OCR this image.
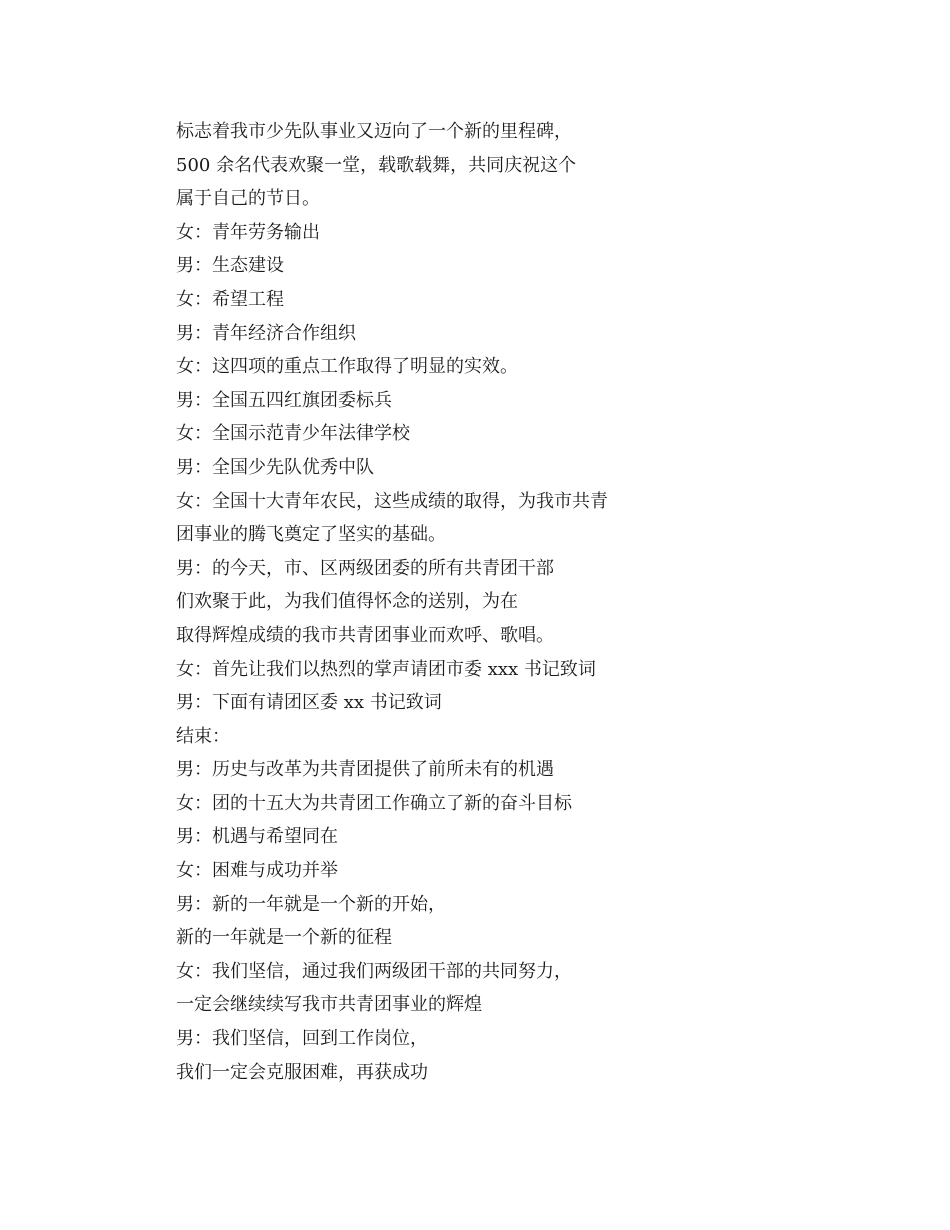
标志着我市少先队事业又迈向了一个新的里程碑，
500 余名代表欢聚一堂，载歌载舞，共同庆祝这个
属于自己的节日。
女：青年劳务输出
男：生态建设
女：希望工程
男：青年经济合作组织
女：这四项的重点工作取得了明显的实效。
男：全国五四红旗团委标兵
女：全国示范青少年法律学校
男：全国少先队优秀中队
女：全国十大青年农民，这些成绩的取得，为我市共青
团事业的腾飞奠定了坚实的基础。
男：的今天，市、区两级团委的所有共青团干部
们欢聚于此，为我们值得怀念的送别，为在
取得辉煌成绩的我市共青团事业而欢呼、歌唱。
女：首先让我们以热烈的掌声请团市委 xxx 书记致词
男：下面有请团区委 xx 书记致词
结束：
男：历史与改革为共青团提供了前所未有的机遇
女：团的十五大为共青团工作确立了新的奋斗目标
男：机遇与希望同在
女：困难与成功并举
男：新的一年就是一个新的开始，
新的一年就是一个新的征程
女：我们坚信，通过我们两级团干部的共同努力，
一定会继续续写我市共青团事业的辉煌
男：我们坚信，回到工作岗位，
我们一定会克服困难，再获成功
